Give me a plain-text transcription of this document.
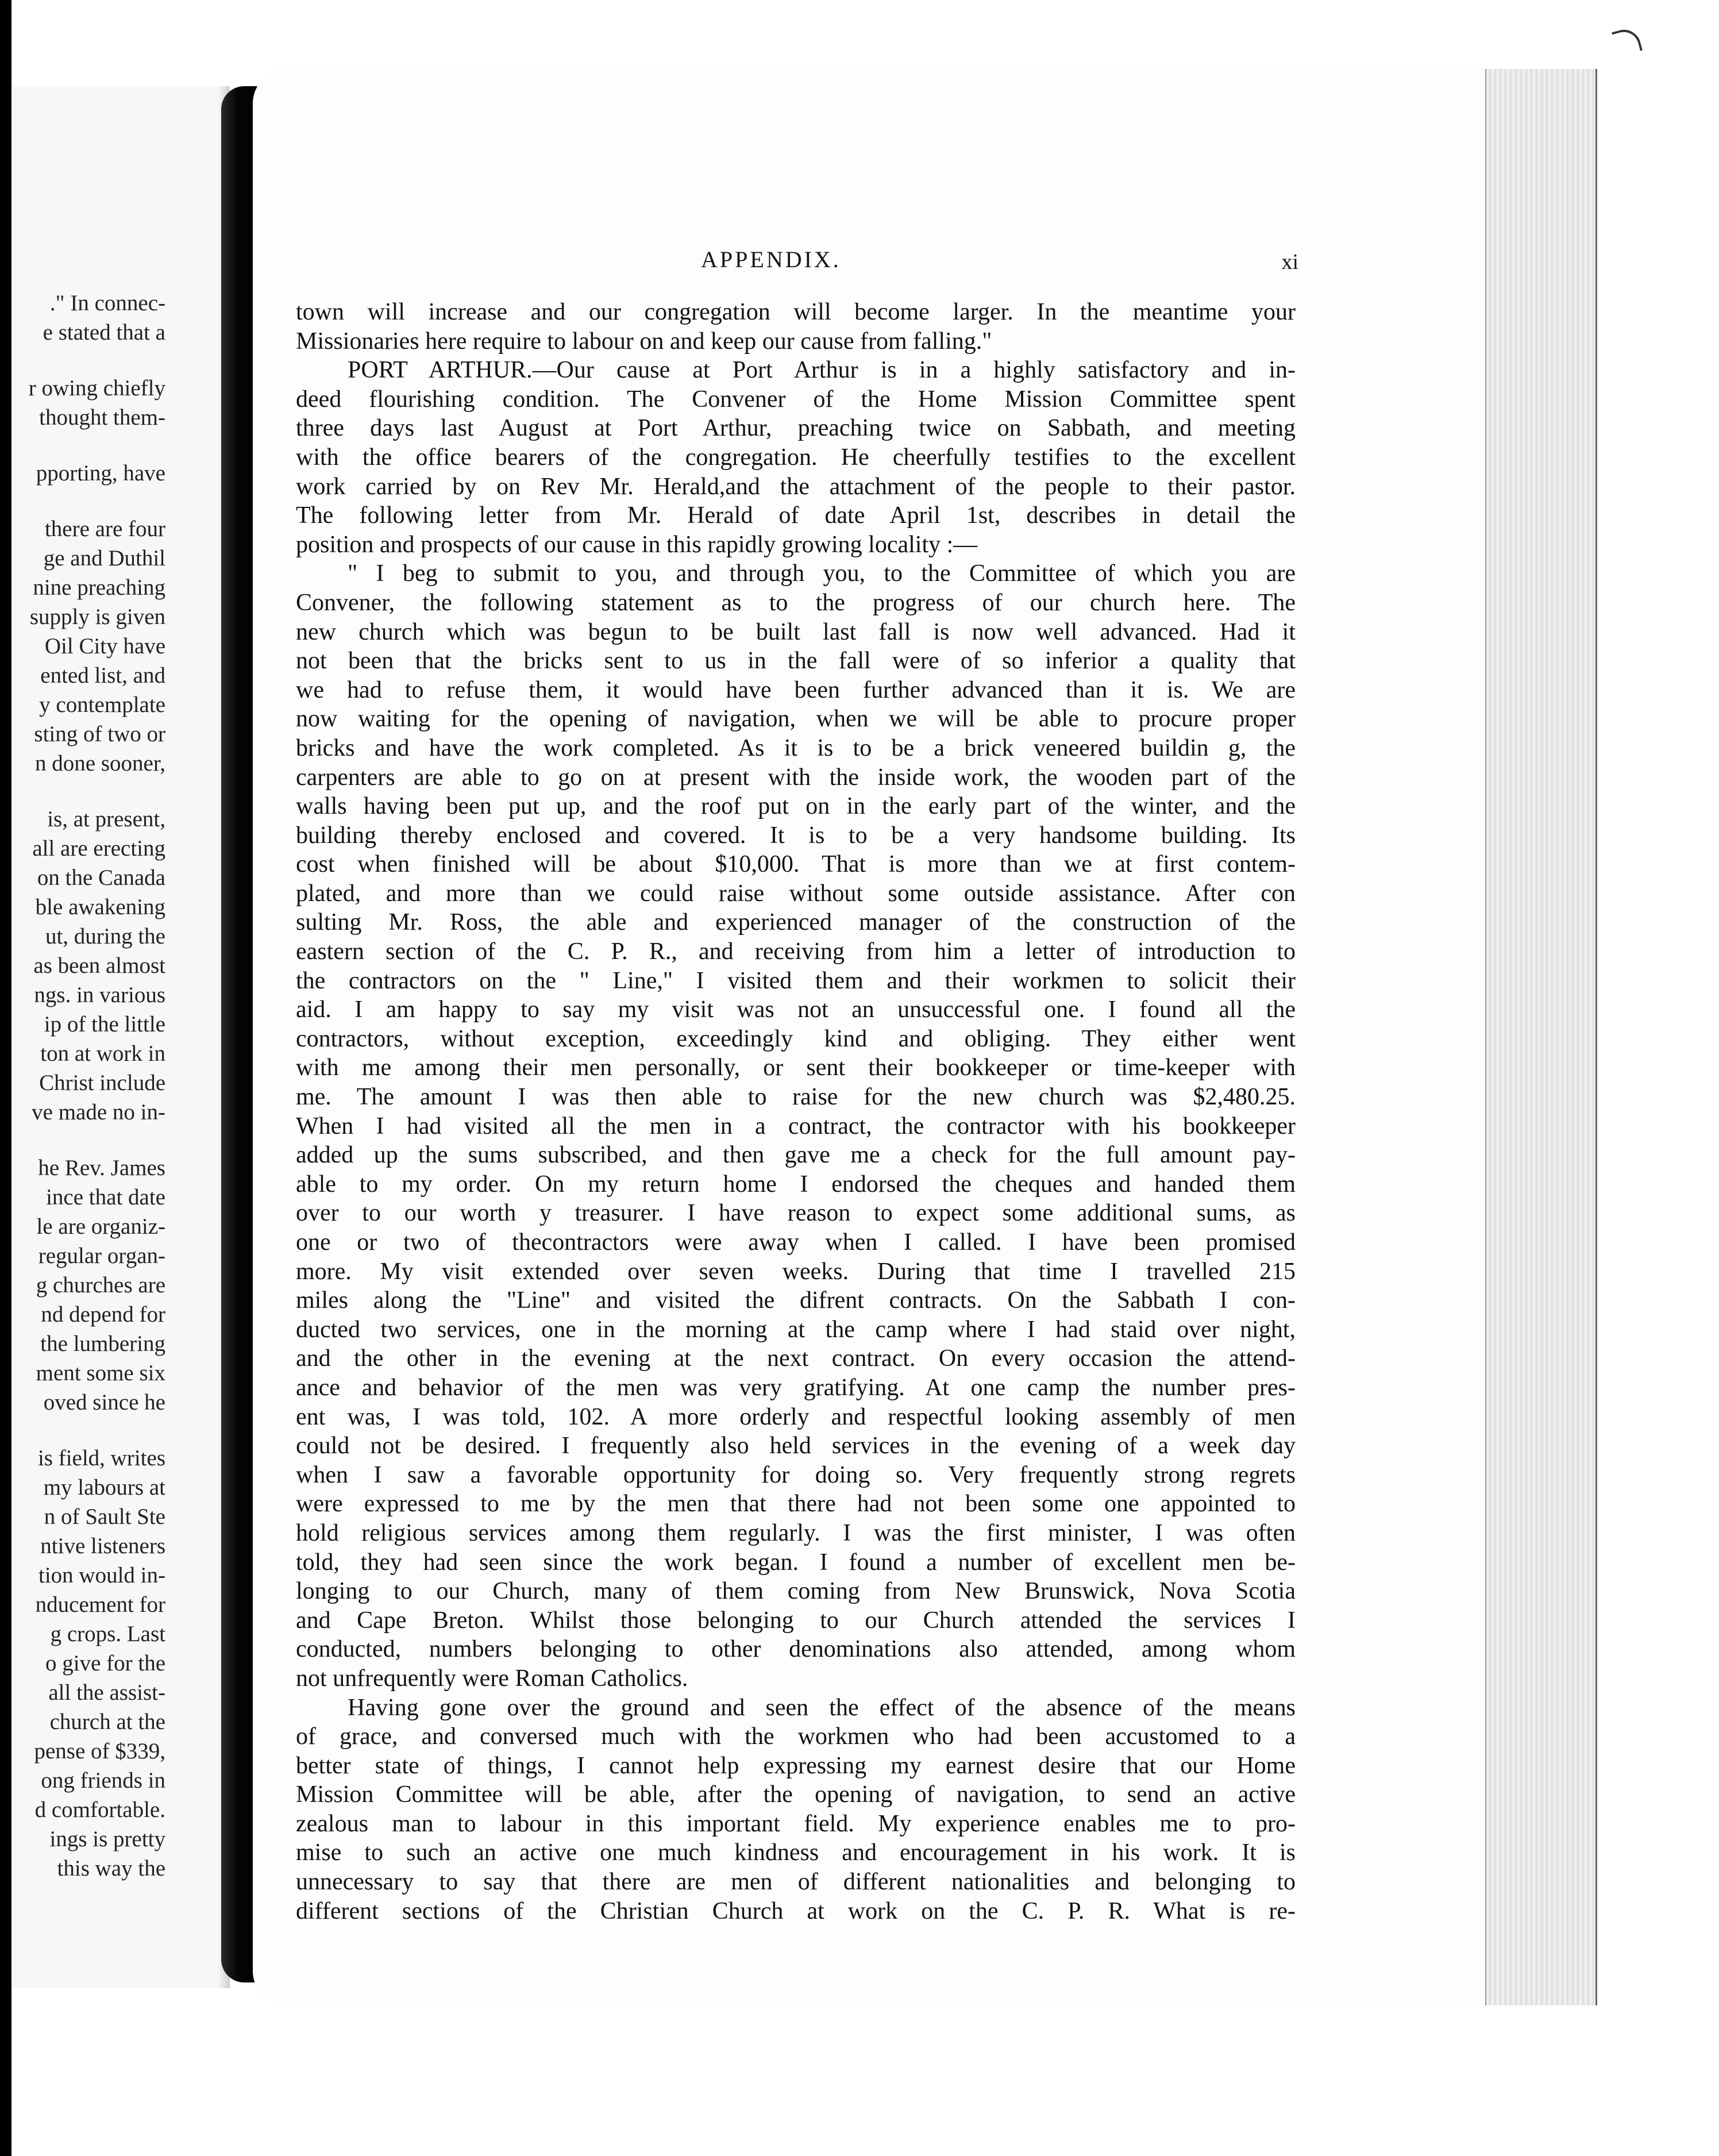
." In connec-
e stated that a
r owing chiefly
thought them-
pporting, have
there are four
ge and Duthil
nine preaching
supply is given
Oil City have
ented list, and
y contemplate
sting of two or
n done sooner,
is, at present,
all are erecting
on the Canada
ble awakening
ut, during the
as been almost
ngs. in various
ip of the little
ton at work in
Christ include
ve made no in-
he Rev. James
ince that date
le are organiz-
regular organ-
g churches are
nd depend for
the lumbering
ment some six
oved since he
is field, writes
my labours at
n of Sault Ste
ntive listeners
tion would in-
nducement for
g crops. Last
o give for the
all the assist-
church at the
pense of $339,
ong friends in
d comfortable.
ings is pretty
this way the
APPENDIX.	xi
town will increase and our congregation will become larger. In the meantime your
Missionaries here require to labour on and keep our cause from falling."
PORT ARTHUR.—Our cause at Port Arthur is in a highly satisfactory and in-
deed flourishing condition. The Convener of the Home Mission Committee spent
three days last August at Port Arthur, preaching twice on Sabbath, and meeting
with the office bearers of the congregation. He cheerfully testifies to the excellent
work carried by on Rev Mr. Herald,and the attachment of the people to their pastor.
The following letter from Mr. Herald of date April 1st, describes in detail the
position and prospects of our cause in this rapidly growing locality :—
" I beg to submit to you, and through you, to the Committee of which you are
Convener, the following statement as to the progress of our church here. The
new church which was begun to be built last fall is now well advanced. Had it
not been that the bricks sent to us in the fall were of so inferior a quality that
we had to refuse them, it would have been further advanced than it is. We are
now waiting for the opening of navigation, when we will be able to procure proper
bricks and have the work completed. As it is to be a brick veneered buildin g, the
carpenters are able to go on at present with the inside work, the wooden part of the
walls having been put up, and the roof put on in the early part of the winter, and the
building thereby enclosed and covered. It is to be a very handsome building. Its
cost when finished will be about $10,000. That is more than we at first contem-
plated, and more than we could raise without some outside assistance. After con
sulting Mr. Ross, the able and experienced manager of the construction of the
eastern section of the C. P. R., and receiving from him a letter of introduction to
the contractors on the " Line," I visited them and their workmen to solicit their
aid. I am happy to say my visit was not an unsuccessful one. I found all the
contractors, without exception, exceedingly kind and obliging. They either went
with me among their men personally, or sent their bookkeeper or time-keeper with
me. The amount I was then able to raise for the new church was $2,480.25.
When I had visited all the men in a contract, the contractor with his bookkeeper
added up the sums subscribed, and then gave me a check for the full amount pay-
able to my order. On my return home I endorsed the cheques and handed them
over to our worth y treasurer. I have reason to expect some additional sums, as
one or two of thecontractors were away when I called. I have been promised
more. My visit extended over seven weeks. During that time I travelled 215
miles along the "Line" and visited the difrent contracts. On the Sabbath I con-
ducted two services, one in the morning at the camp where I had staid over night,
and the other in the evening at the next contract. On every occasion the attend-
ance and behavior of the men was very gratifying. At one camp the number pres-
ent was, I was told, 102. A more orderly and respectful looking assembly of men
could not be desired. I frequently also held services in the evening of a week day
when I saw a favorable opportunity for doing so. Very frequently strong regrets
were expressed to me by the men that there had not been some one appointed to
hold religious services among them regularly. I was the first minister, I was often
told, they had seen since the work began. I found a number of excellent men be-
longing to our Church, many of them coming from New Brunswick, Nova Scotia
and Cape Breton. Whilst those belonging to our Church attended the services I
conducted, numbers belonging to other denominations also attended, among whom
not unfrequently were Roman Catholics.
Having gone over the ground and seen the effect of the absence of the means
of grace, and conversed much with the workmen who had been accustomed to a
better state of things, I cannot help expressing my earnest desire that our Home
Mission Committee will be able, after the opening of navigation, to send an active
zealous man to labour in this important field. My experience enables me to pro-
mise to such an active one much kindness and encouragement in his work. It is
unnecessary to say that there are men of different nationalities and belonging to
different sections of the Christian Church at work on the C. P. R. What is re-
